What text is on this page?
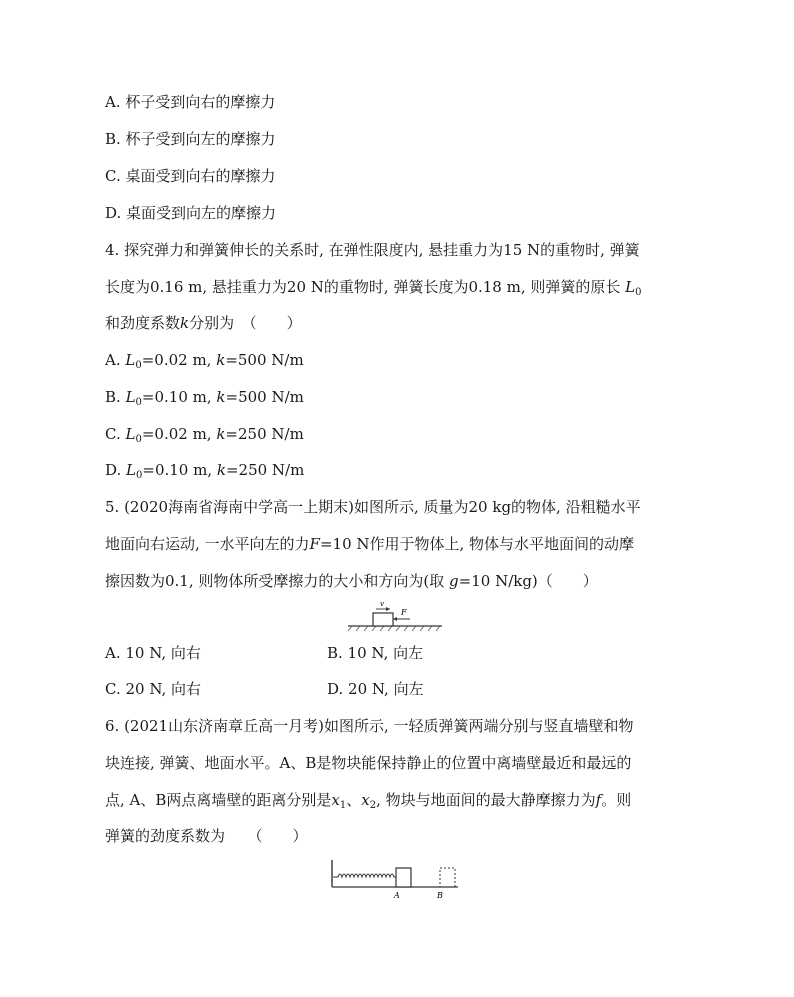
A. 杯子受到向右的摩擦力
B. 杯子受到向左的摩擦力
C. 桌面受到向右的摩擦力
D. 桌面受到向左的摩擦力
4. 探究弹力和弹簧伸长的关系时, 在弹性限度内, 悬挂重力为15 N的重物时, 弹簧
长度为0.16 m, 悬挂重力为20 N的重物时, 弹簧长度为0.18 m, 则弹簧的原长 $L_0$
和劲度系数k分别为　（　　）
A. $L_0=0.02$ m, k=500 N/m
B. $L_0=0.10$ m, k=500 N/m
C. $L_0=0.02$ m, k=250 N/m
D. $L_0=0.10$ m, k=250 N/m
5. (2020海南省海南中学高一上期末)如图所示, 质量为20 kg的物体, 沿粗糙水平
地面向右运动, 一水平向左的力F=10 N作用于物体上, 物体与水平地面间的动摩
擦因数为0.1, 则物体所受摩擦力的大小和方向为(取 g=10 N/kg)（　　）
v
F
A. 10 N, 向右	B. 10 N, 向左
C. 20 N, 向右	D. 20 N, 向左
6. (2021山东济南章丘高一月考)如图所示, 一轻质弹簧两端分别与竖直墙壁和物
块连接, 弹簧、地面水平。A、B是物块能保持静止的位置中离墙壁最近和最远的
点, A、B两点离墙壁的距离分别是$x_1$、$x_2$, 物块与地面间的最大静摩擦力为f。则
弹簧的劲度系数为　　（　　）
A	B
